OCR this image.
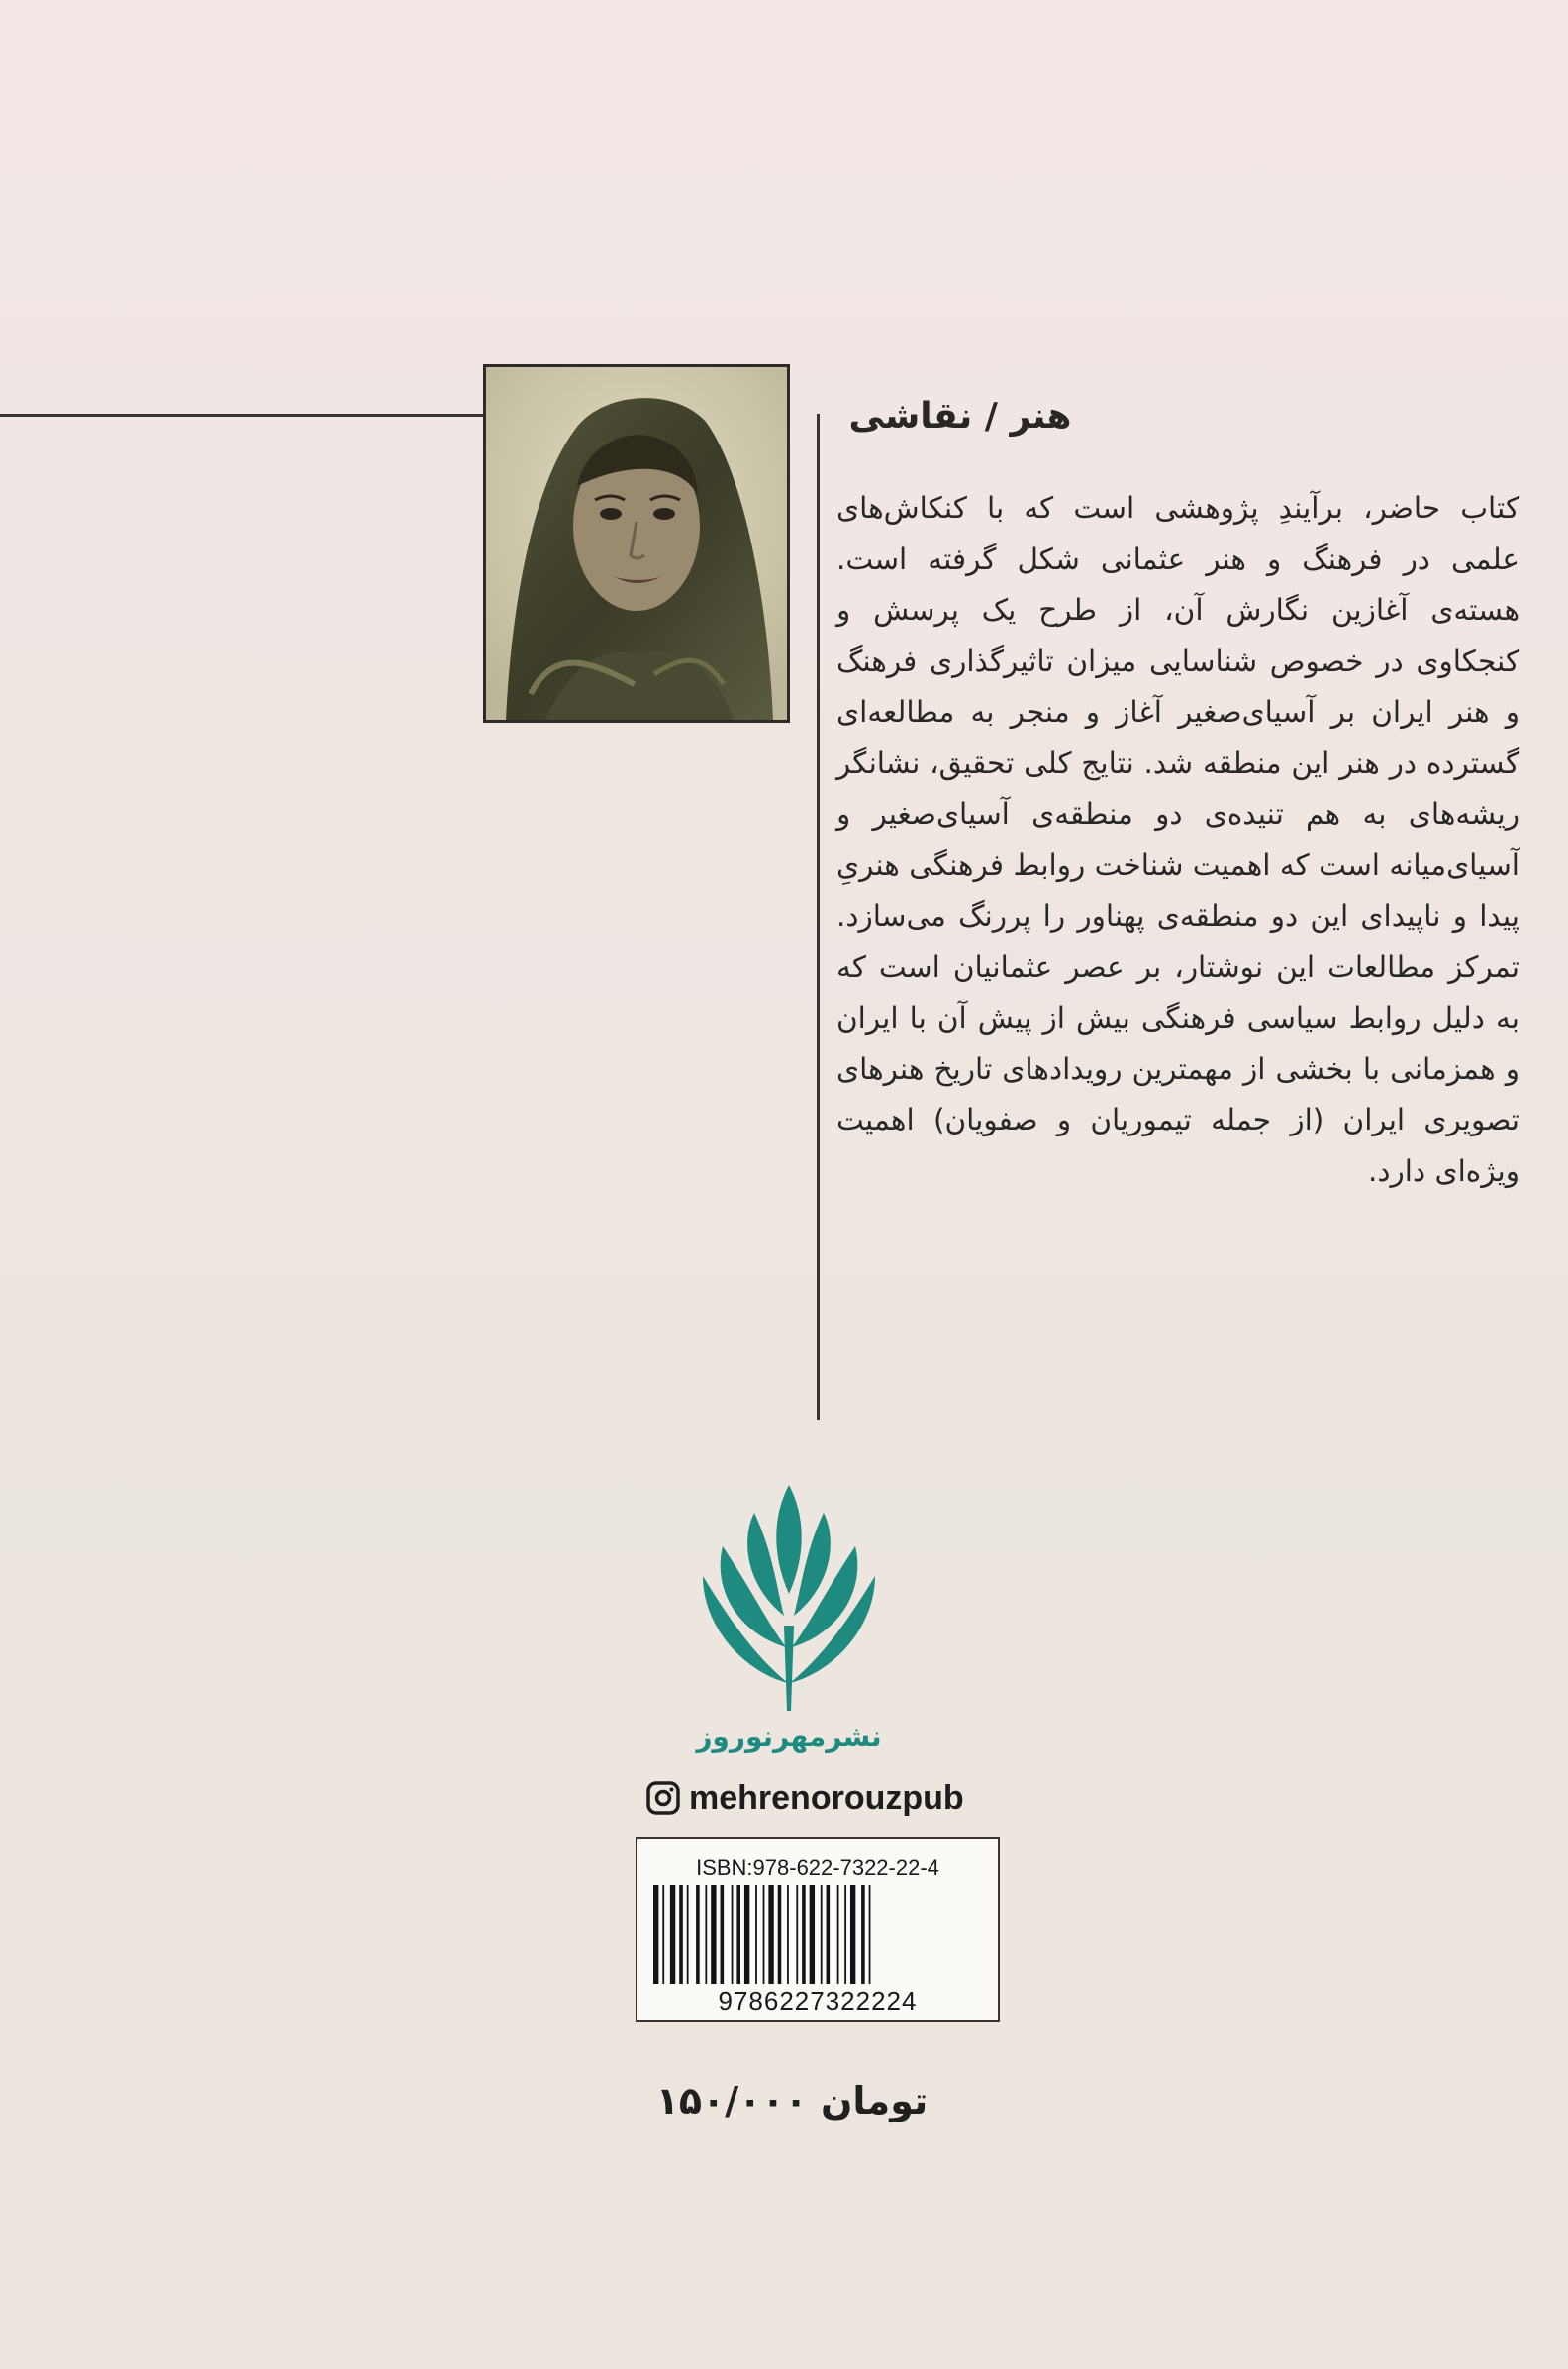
هنر / نقاشی

کتاب حاضر، برآیندِ پژوهشی است که با کنکاش‌های علمی در فرهنگ و هنر عثمانی شکل گرفته است. هسته‌ی آغازین نگارش آن، از طرح یک پرسش و کنجکاوی در خصوص شناسایی میزان تاثیرگذاری فرهنگ و هنر ایران بر آسیای‌صغیر آغاز و منجر به مطالعه‌ای گسترده در هنر این منطقه شد. نتایج کلی تحقیق، نشانگر ریشه‌های به هم تنیده‌ی دو منطقه‌ی آسیای‌صغیر و آسیای‌میانه است که اهمیت شناخت روابط فرهنگی هنریِ پیدا و ناپیدای این دو منطقه‌ی پهناور را پررنگ می‌سازد. تمرکز مطالعات این نوشتار، بر عصر عثمانیان است که به دلیل روابط سیاسی فرهنگی بیش از پیش آن با ایران و همزمانی با بخشی از مهمترین رویدادهای تاریخ هنرهای تصویری ایران (از جمله تیموریان و صفویان) اهمیت ویژه‌ای دارد.

نشرمهرنوروز
mehrenorouzpub
ISBN:978-622-7322-22-4
9786227322224
۱۵۰/۰۰۰ تومان
